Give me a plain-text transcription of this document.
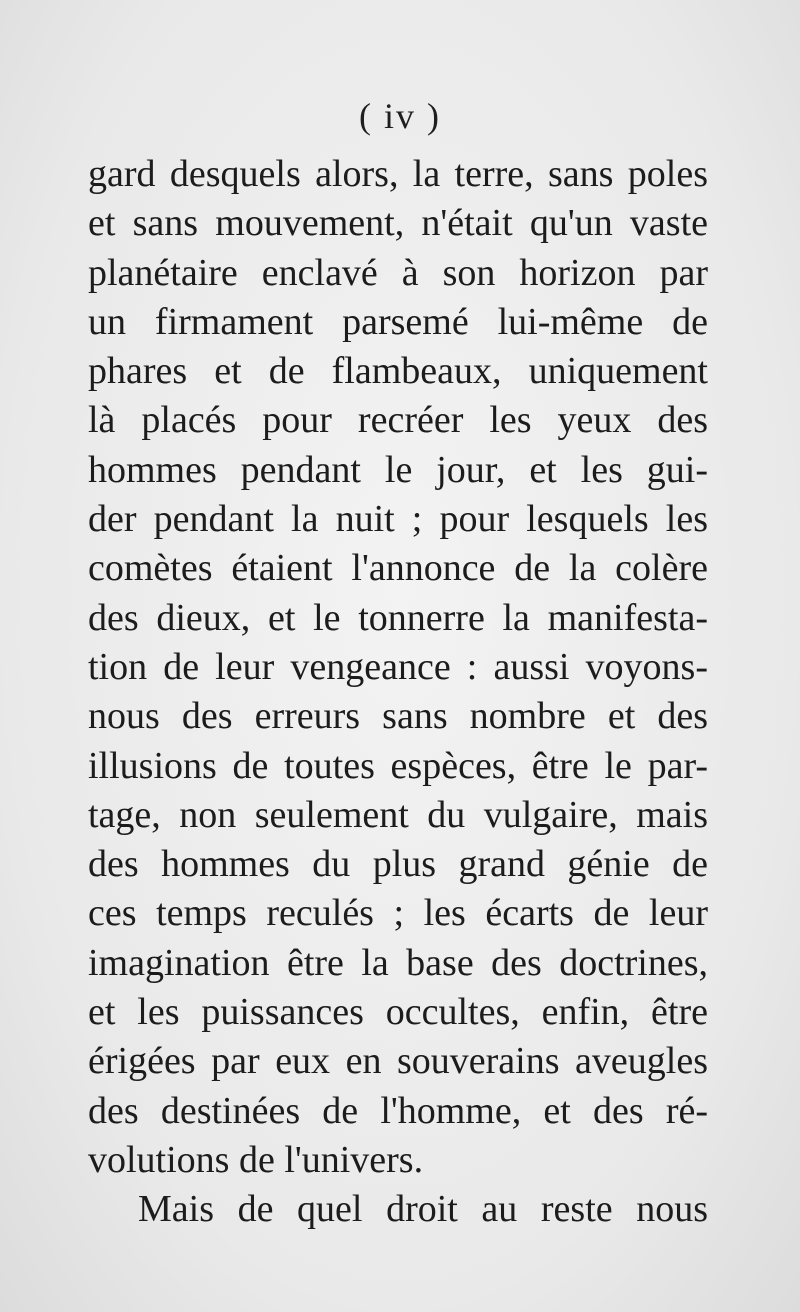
( iv )
gard desquels alors, la terre, sans poles
et sans mouvement, n'était qu'un vaste
planétaire enclavé à son horizon par
un firmament parsemé lui-même de
phares et de flambeaux, uniquement
là placés pour recréer les yeux des
hommes pendant le jour, et les gui-
der pendant la nuit ; pour lesquels les
comètes étaient l'annonce de la colère
des dieux, et le tonnerre la manifesta-
tion de leur vengeance : aussi voyons-
nous des erreurs sans nombre et des
illusions de toutes espèces, être le par-
tage, non seulement du vulgaire, mais
des hommes du plus grand génie de
ces temps reculés ; les écarts de leur
imagination être la base des doctrines,
et les puissances occultes, enfin, être
érigées par eux en souverains aveugles
des destinées de l'homme, et des ré-
volutions de l'univers.
Mais de quel droit au reste nous
